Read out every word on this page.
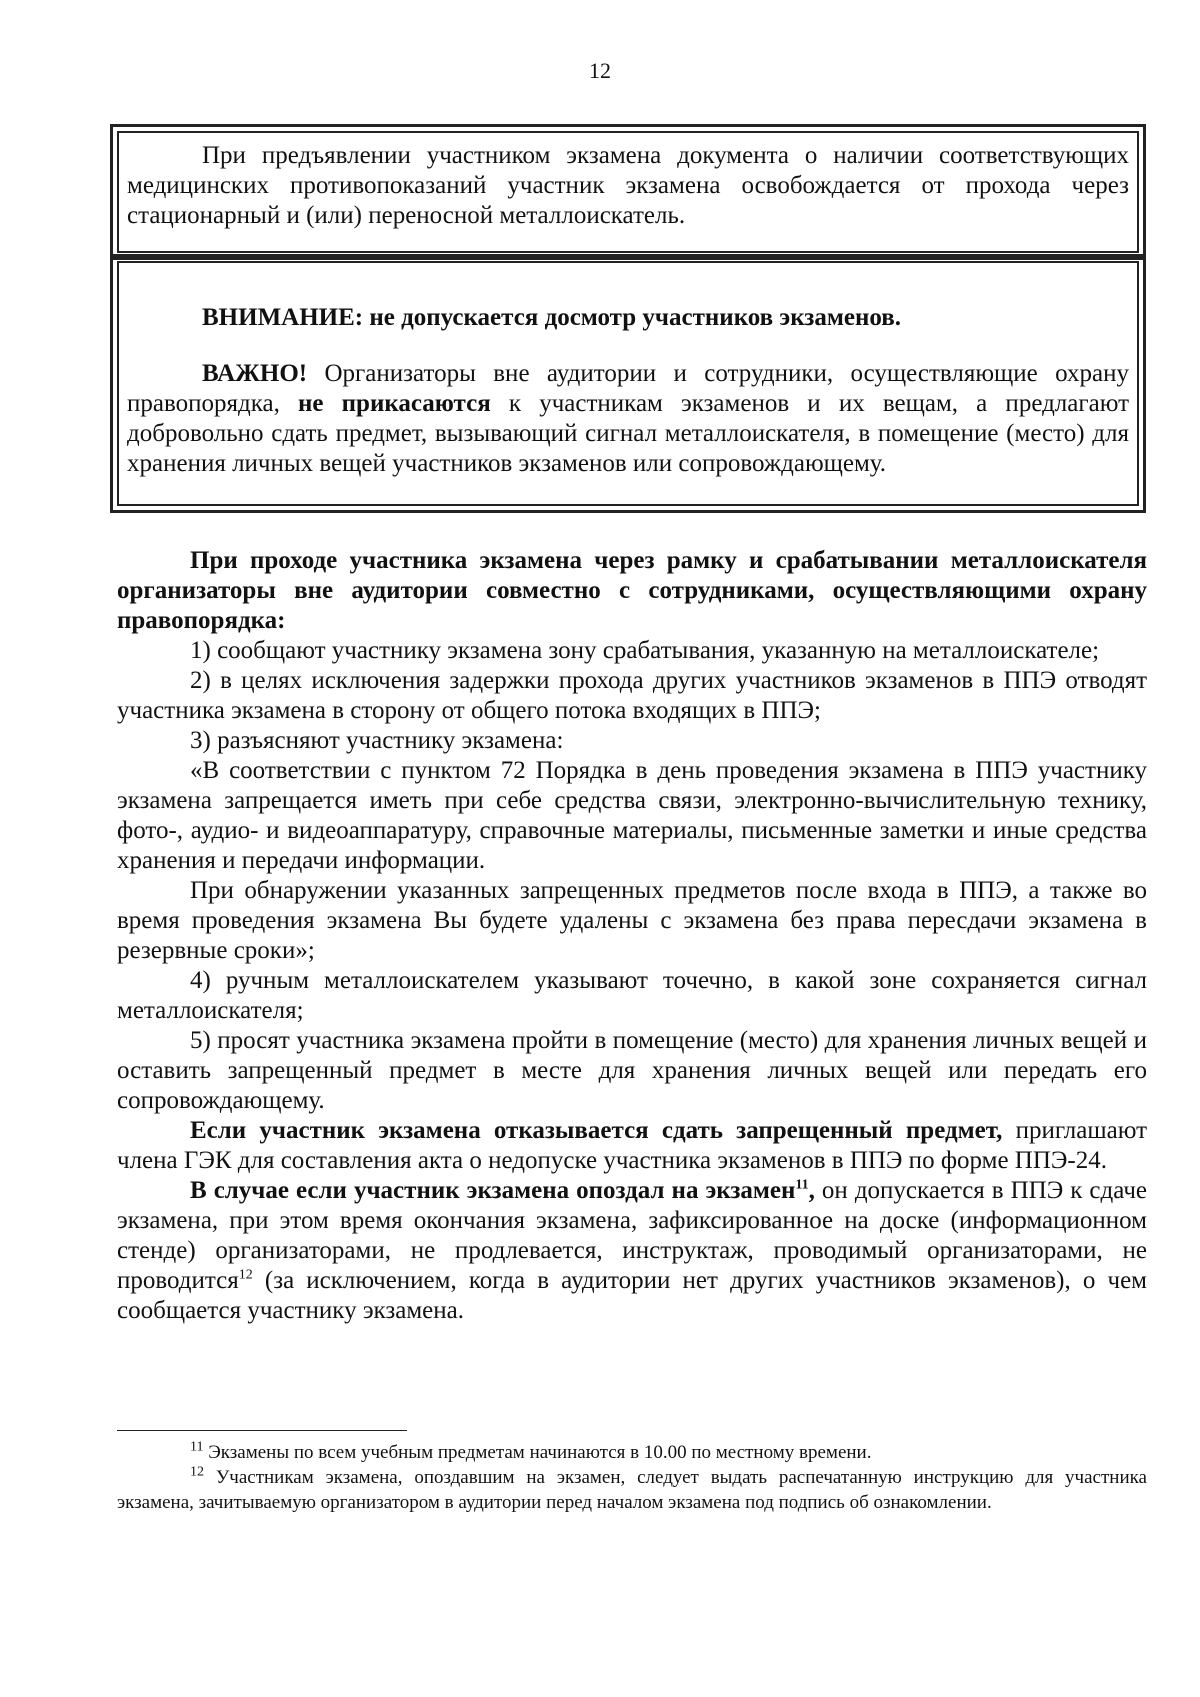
12

При предъявлении участником экзамена документа о наличии соответствующих медицинских противопоказаний участник экзамена освобождается от прохода через стационарный и (или) переносной металлоискатель.

ВНИМАНИЕ: не допускается досмотр участников экзаменов.

ВАЖНО! Организаторы вне аудитории и сотрудники, осуществляющие охрану правопорядка, не прикасаются к участникам экзаменов и их вещам, а предлагают добровольно сдать предмет, вызывающий сигнал металлоискателя, в помещение (место) для хранения личных вещей участников экзаменов или сопровождающему.

При проходе участника экзамена через рамку и срабатывании металлоискателя организаторы вне аудитории совместно с сотрудниками, осуществляющими охрану правопорядка:

1) сообщают участнику экзамена зону срабатывания, указанную на металлоискателе;

2) в целях исключения задержки прохода других участников экзаменов в ППЭ отводят участника экзамена в сторону от общего потока входящих в ППЭ;

3) разъясняют участнику экзамена:

«В соответствии с пунктом 72 Порядка в день проведения экзамена в ППЭ участнику экзамена запрещается иметь при себе средства связи, электронно-вычислительную технику, фото-, аудио- и видеоаппаратуру, справочные материалы, письменные заметки и иные средства хранения и передачи информации.

При обнаружении указанных запрещенных предметов после входа в ППЭ, а также во время проведения экзамена Вы будете удалены с экзамена без права пересдачи экзамена в резервные сроки»;

4) ручным металлоискателем указывают точечно, в какой зоне сохраняется сигнал металлоискателя;

5) просят участника экзамена пройти в помещение (место) для хранения личных вещей и оставить запрещенный предмет в месте для хранения личных вещей или передать его сопровождающему.

Если участник экзамена отказывается сдать запрещенный предмет, приглашают члена ГЭК для составления акта о недопуске участника экзаменов в ППЭ по форме ППЭ-24.

В случае если участник экзамена опоздал на экзамен$^{11}$, он допускается в ППЭ к сдаче экзамена, при этом время окончания экзамена, зафиксированное на доске (информационном стенде) организаторами, не продлевается, инструктаж, проводимый организаторами, не проводится$^{12}$ (за исключением, когда в аудитории нет других участников экзаменов), о чем сообщается участнику экзамена.

$^{11}$ Экзамены по всем учебным предметам начинаются в 10.00 по местному времени.

$^{12}$ Участникам экзамена, опоздавшим на экзамен, следует выдать распечатанную инструкцию для участника экзамена, зачитываемую организатором в аудитории перед началом экзамена под подпись об ознакомлении.
